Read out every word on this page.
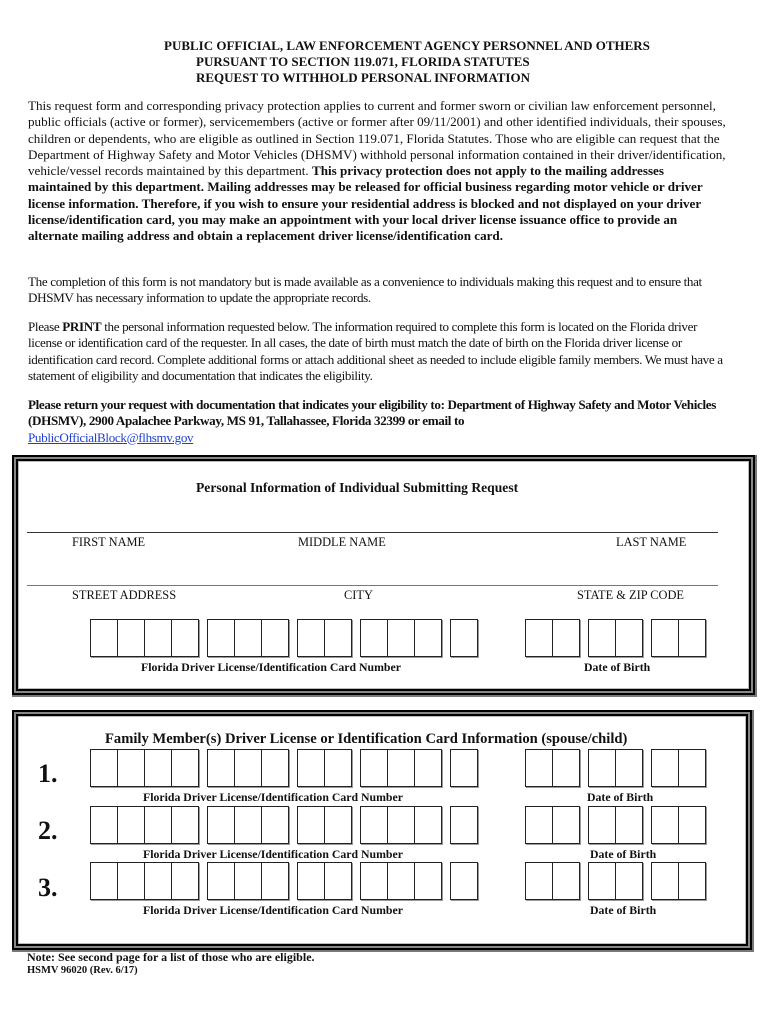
PUBLIC OFFICIAL, LAW ENFORCEMENT AGENCY PERSONNEL AND OTHERS
PURSUANT TO SECTION 119.071, FLORIDA STATUTES
REQUEST TO WITHHOLD PERSONAL INFORMATION
This request form and corresponding privacy protection applies to current and former sworn or civilian law enforcement personnel, public officials (active or former), servicemembers (active or former after 09/11/2001) and other identified individuals, their spouses, children or dependents, who are eligible as outlined in Section 119.071, Florida Statutes. Those who are eligible can request that the Department of Highway Safety and Motor Vehicles (DHSMV) withhold personal information contained in their driver/identification, vehicle/vessel records maintained by this department. This privacy protection does not apply to the mailing addresses maintained by this department. Mailing addresses may be released for official business regarding motor vehicle or driver license information. Therefore, if you wish to ensure your residential address is blocked and not displayed on your driver license/identification card, you may make an appointment with your local driver license issuance office to provide an alternate mailing address and obtain a replacement driver license/identification card.
The completion of this form is not mandatory but is made available as a convenience to individuals making this request and to ensure that DHSMV has necessary information to update the appropriate records.
Please PRINT the personal information requested below. The information required to complete this form is located on the Florida driver license or identification card of the requester. In all cases, the date of birth must match the date of birth on the Florida driver license or identification card record. Complete additional forms or attach additional sheet as needed to include eligible family members. We must have a statement of eligibility and documentation that indicates the eligibility.
Please return your request with documentation that indicates your eligibility to: Department of Highway Safety and Motor Vehicles (DHSMV), 2900 Apalachee Parkway, MS 91, Tallahassee, Florida 32399 or email to
PublicOfficialBlock@flhsmv.gov
Personal Information of Individual Submitting Request
FIRST NAME	MIDDLE NAME	LAST NAME
STREET ADDRESS	CITY	STATE & ZIP CODE
Florida Driver License/Identification Card Number	Date of Birth
Family Member(s) Driver License or Identification Card Information (spouse/child)
1.
2.
3.
Florida Driver License/Identification Card Number	Date of Birth
Florida Driver License/Identification Card Number	Date of Birth
Florida Driver License/Identification Card Number	Date of Birth
Note: See second page for a list of those who are eligible.
HSMV 96020 (Rev. 6/17)
